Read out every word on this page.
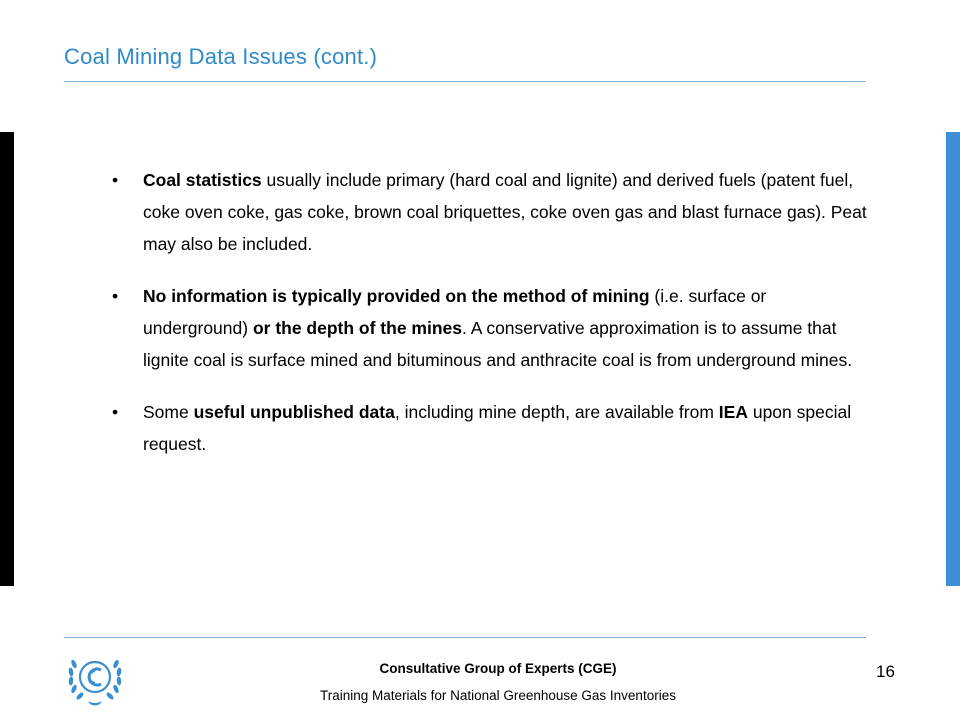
Coal Mining Data Issues (cont.)
• Coal statistics usually include primary (hard coal and lignite) and derived fuels (patent fuel, coke oven coke, gas coke, brown coal briquettes, coke oven gas and blast furnace gas). Peat may also be included.
• No information is typically provided on the method of mining (i.e. surface or underground) or the depth of the mines. A conservative approximation is to assume that lignite coal is surface mined and bituminous and anthracite coal is from underground mines.
• Some useful unpublished data, including mine depth, are available from IEA upon special request.
Consultative Group of Experts (CGE)
Training Materials for National Greenhouse Gas Inventories
16
